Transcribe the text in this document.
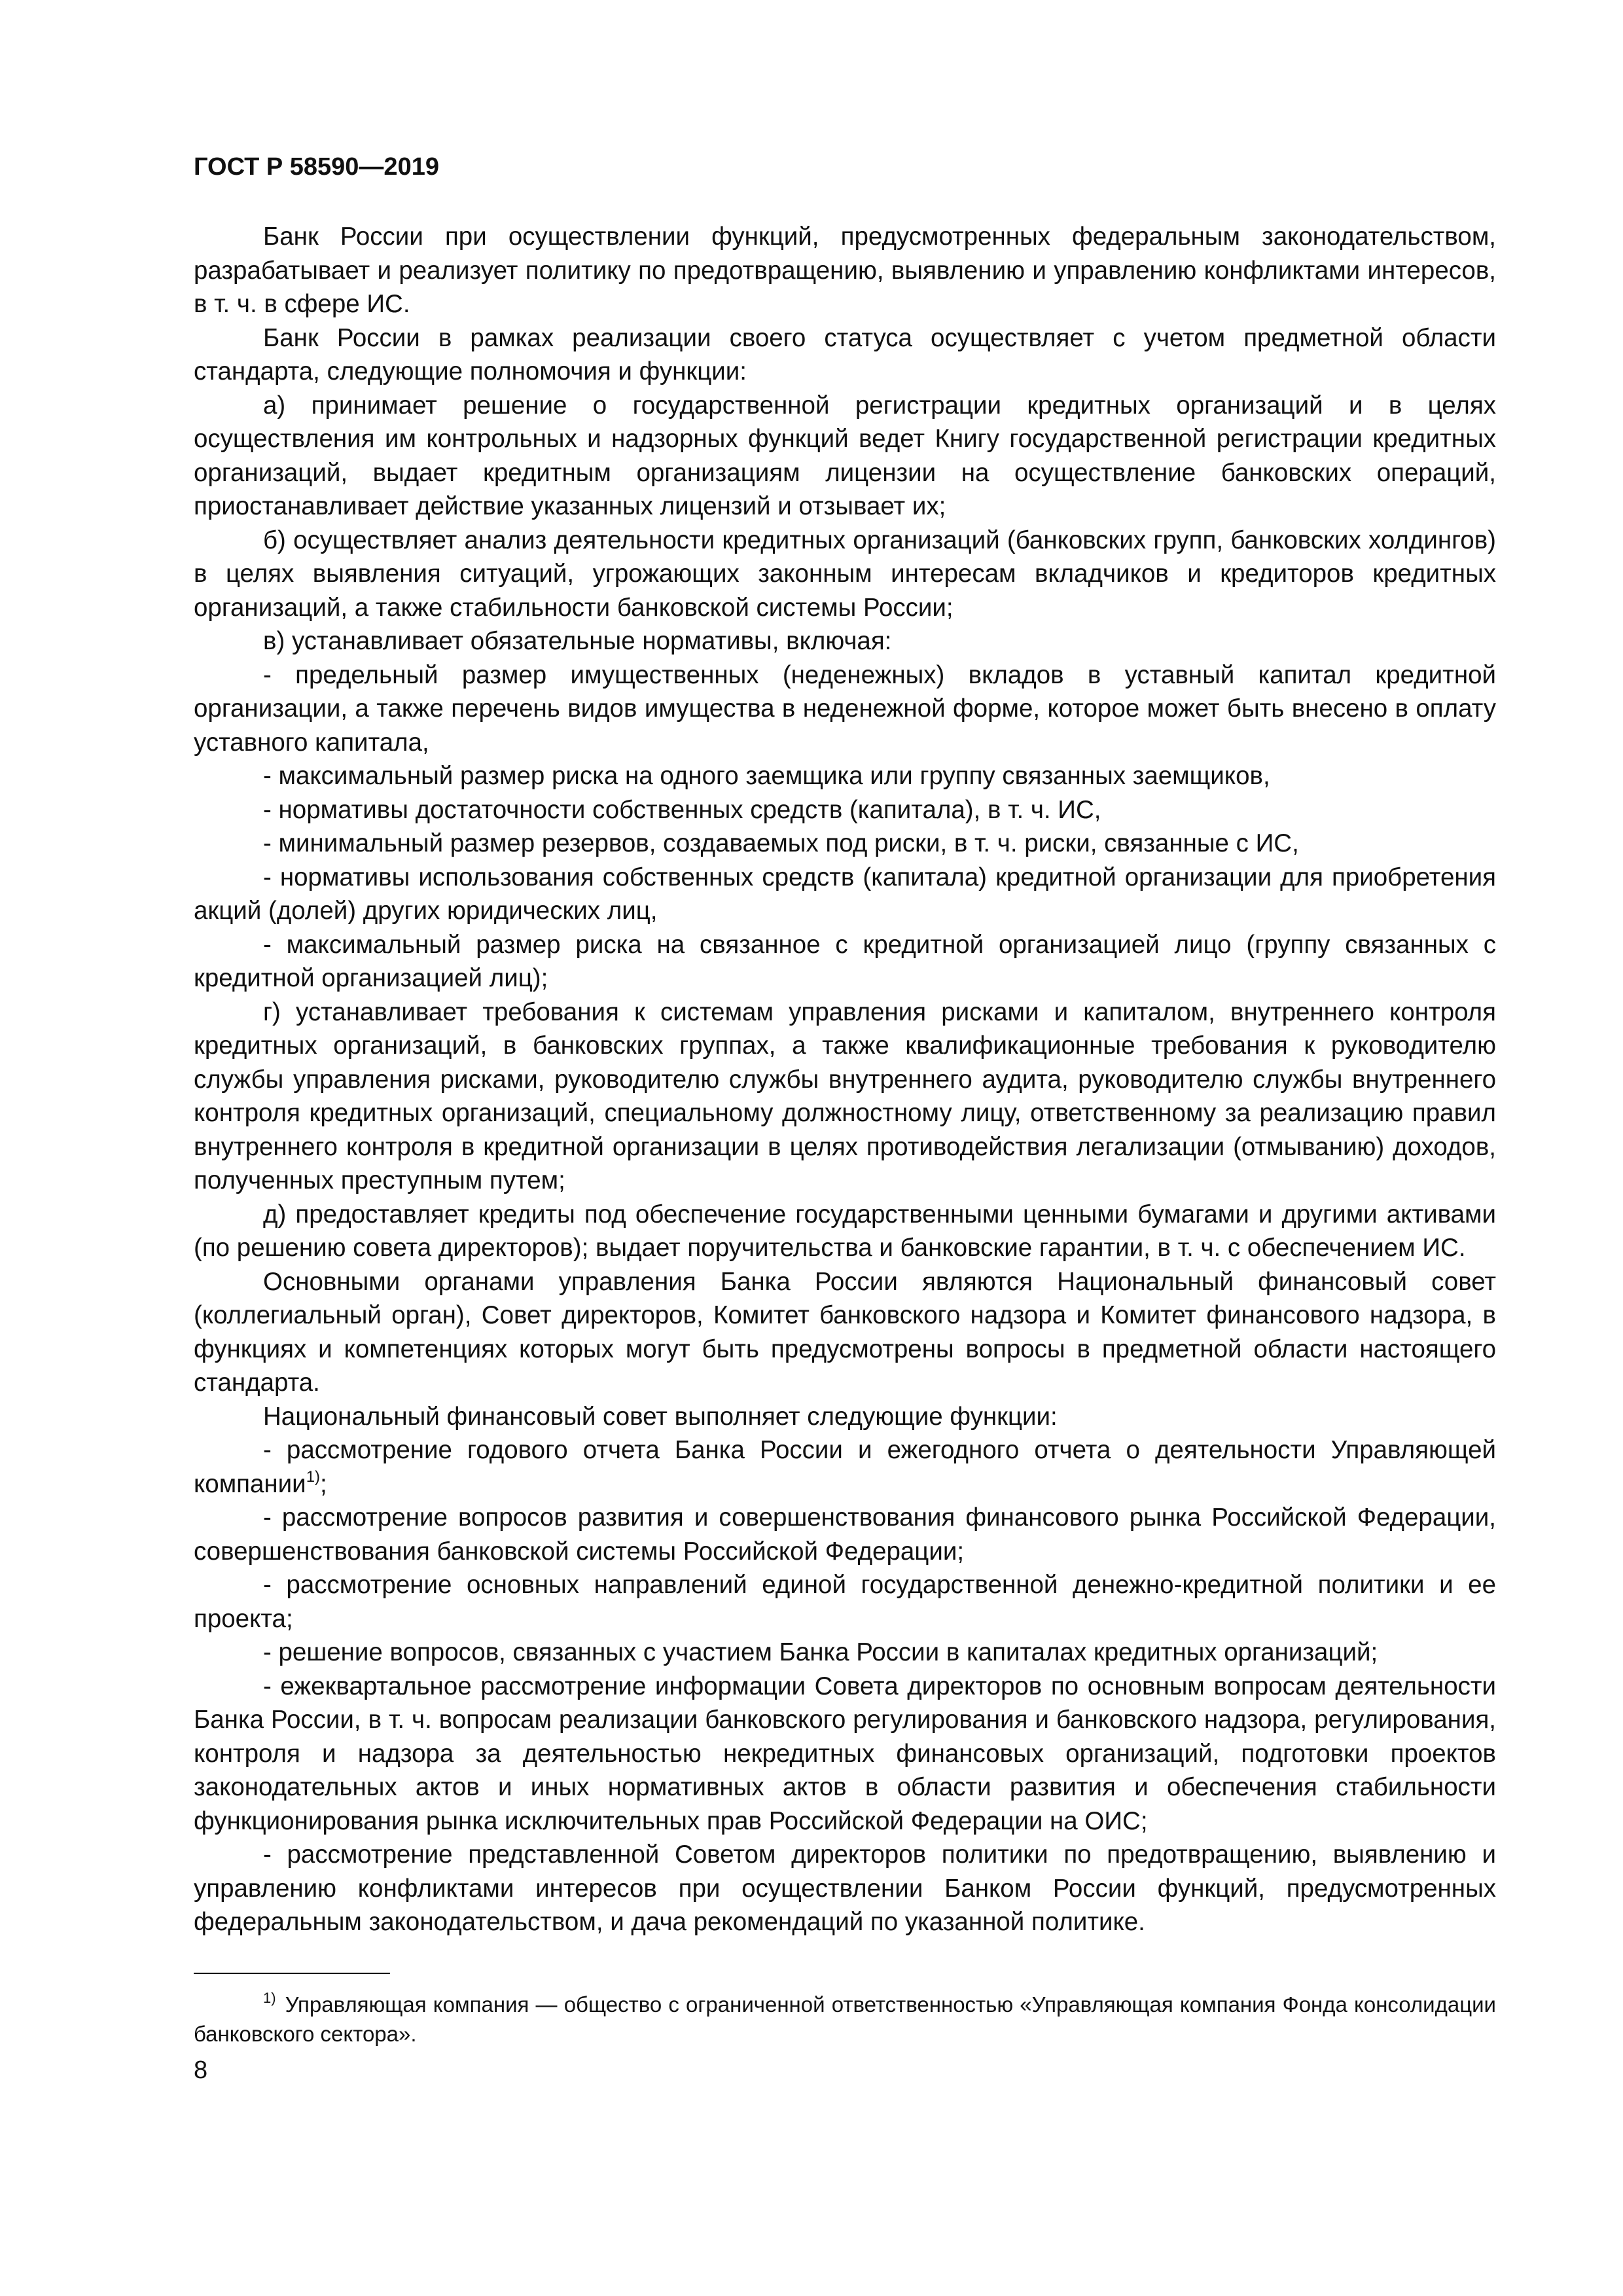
ГОСТ Р 58590—2019

Банк России при осуществлении функций, предусмотренных федеральным законодательством, разрабатывает и реализует политику по предотвращению, выявлению и управлению конфликтами интересов, в т. ч. в сфере ИС.

Банк России в рамках реализации своего статуса осуществляет с учетом предметной области стандарта, следующие полномочия и функции:

а) принимает решение о государственной регистрации кредитных организаций и в целях осуществления им контрольных и надзорных функций ведет Книгу государственной регистрации кредитных организаций, выдает кредитным организациям лицензии на осуществление банковских операций, приостанавливает действие указанных лицензий и отзывает их;

б) осуществляет анализ деятельности кредитных организаций (банковских групп, банковских холдингов) в целях выявления ситуаций, угрожающих законным интересам вкладчиков и кредиторов кредитных организаций, а также стабильности банковской системы России;

в) устанавливает обязательные нормативы, включая:

- предельный размер имущественных (неденежных) вкладов в уставный капитал кредитной организации, а также перечень видов имущества в неденежной форме, которое может быть внесено в оплату уставного капитала,

- максимальный размер риска на одного заемщика или группу связанных заемщиков,

- нормативы достаточности собственных средств (капитала), в т. ч. ИС,

- минимальный размер резервов, создаваемых под риски, в т. ч. риски, связанные с ИС,

- нормативы использования собственных средств (капитала) кредитной организации для приобретения акций (долей) других юридических лиц,

- максимальный размер риска на связанное с кредитной организацией лицо (группу связанных с кредитной организацией лиц);

г) устанавливает требования к системам управления рисками и капиталом, внутреннего контроля кредитных организаций, в банковских группах, а также квалификационные требования к руководителю службы управления рисками, руководителю службы внутреннего аудита, руководителю службы внутреннего контроля кредитных организаций, специальному должностному лицу, ответственному за реализацию правил внутреннего контроля в кредитной организации в целях противодействия легализации (отмыванию) доходов, полученных преступным путем;

д) предоставляет кредиты под обеспечение государственными ценными бумагами и другими активами (по решению совета директоров); выдает поручительства и банковские гарантии, в т. ч. с обеспечением ИС.

Основными органами управления Банка России являются Национальный финансовый совет (коллегиальный орган), Совет директоров, Комитет банковского надзора и Комитет финансового надзора, в функциях и компетенциях которых могут быть предусмотрены вопросы в предметной области настоящего стандарта.

Национальный финансовый совет выполняет следующие функции:

- рассмотрение годового отчета Банка России и ежегодного отчета о деятельности Управляющей компании$^{1)}$;

- рассмотрение вопросов развития и совершенствования финансового рынка Российской Федерации, совершенствования банковской системы Российской Федерации;

- рассмотрение основных направлений единой государственной денежно-кредитной политики и ее проекта;

- решение вопросов, связанных с участием Банка России в капиталах кредитных организаций;

- ежеквартальное рассмотрение информации Совета директоров по основным вопросам деятельности Банка России, в т. ч. вопросам реализации банковского регулирования и банковского надзора, регулирования, контроля и надзора за деятельностью некредитных финансовых организаций, подготовки проектов законодательных актов и иных нормативных актов в области развития и обеспечения стабильности функционирования рынка исключительных прав Российской Федерации на ОИС;

- рассмотрение представленной Советом директоров политики по предотвращению, выявлению и управлению конфликтами интересов при осуществлении Банком России функций, предусмотренных федеральным законодательством, и дача рекомендаций по указанной политике.

$^{1)}$ Управляющая компания — общество с ограниченной ответственностью «Управляющая компания Фонда консолидации банковского сектора».

8
